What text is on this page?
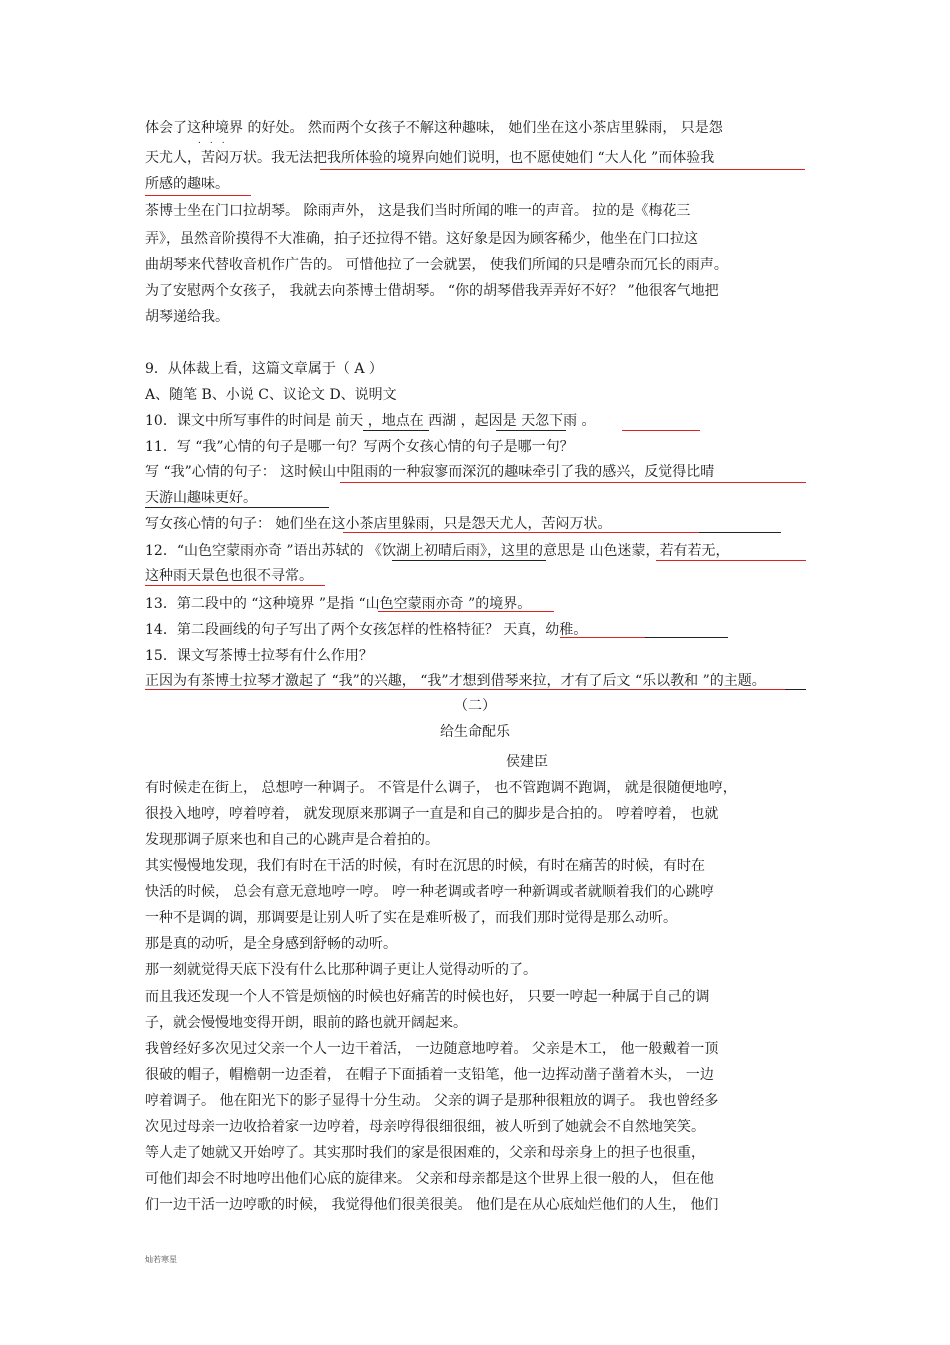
体会了这种境界 的好处。 然而两个女孩子不解这种趣味， 她们坐在这小茶店里躲雨， 只是怨
...
天尤人，苦闷万状。我无法把我所体验的境界向她们说明，也不愿使她们 “大人化 ”而体验我
所感的趣味。
茶博士坐在门口拉胡琴。 除雨声外， 这是我们当时所闻的唯一的声音。 拉的是《梅花三
弄》，虽然音阶摸得不大准确，拍子还拉得不错。这好象是因为顾客稀少，他坐在门口拉这
曲胡琴来代替收音机作广告的。 可惜他拉了一会就罢， 使我们所闻的只是嘈杂而冗长的雨声。
为了安慰两个女孩子， 我就去向茶博士借胡琴。 “你的胡琴借我弄弄好不好？ ”他很客气地把
胡琴递给我。
9．从体裁上看，这篇文章属于（ A ）
A、随笔 B、小说 C、议论文 D、说明文
10．课文中所写事件的时间是 前天 ，地点在 西湖 ，起因是 天忽下雨 。
11．写 “我”心情的句子是哪一句？写两个女孩心情的句子是哪一句？
写 “我”心情的句子： 这时候山中阻雨的一种寂寥而深沉的趣味牵引了我的感兴，反觉得比晴
天游山趣味更好。
写女孩心情的句子： 她们坐在这小茶店里躲雨，只是怨天尤人，苦闷万状。
12．“山色空蒙雨亦奇 ”语出苏轼的 《饮湖上初晴后雨》，这里的意思是 山色迷蒙，若有若无，
这种雨天景色也很不寻常。
13．第二段中的 “这种境界 ”是指 “山色空蒙雨亦奇 ”的境界。
14．第二段画线的句子写出了两个女孩怎样的性格特征？ 天真，幼稚。
15．课文写茶博士拉琴有什么作用？
正因为有茶博士拉琴才激起了 “我”的兴趣， “我”才想到借琴来拉，才有了后文 “乐以教和 ”的主题。
（二）
给生命配乐
侯建臣
有时候走在街上， 总想哼一种调子。 不管是什么调子， 也不管跑调不跑调， 就是很随便地哼，
很投入地哼，哼着哼着， 就发现原来那调子一直是和自己的脚步是合拍的。 哼着哼着， 也就
发现那调子原来也和自己的心跳声是合着拍的。
其实慢慢地发现，我们有时在干活的时候，有时在沉思的时候，有时在痛苦的时候，有时在
快活的时候， 总会有意无意地哼一哼。 哼一种老调或者哼一种新调或者就顺着我们的心跳哼
一种不是调的调，那调要是让别人听了实在是难听极了，而我们那时觉得是那么动听。
那是真的动听，是全身感到舒畅的动听。
那一刻就觉得天底下没有什么比那种调子更让人觉得动听的了。
而且我还发现一个人不管是烦恼的时候也好痛苦的时候也好， 只要一哼起一种属于自己的调
子，就会慢慢地变得开朗，眼前的路也就开阔起来。
我曾经好多次见过父亲一个人一边干着活， 一边随意地哼着。 父亲是木工， 他一般戴着一顶
很破的帽子，帽檐朝一边歪着， 在帽子下面插着一支铅笔，他一边挥动凿子凿着木头， 一边
哼着调子。 他在阳光下的影子显得十分生动。 父亲的调子是那种很粗放的调子。 我也曾经多
次见过母亲一边收拾着家一边哼着，母亲哼得很细很细，被人听到了她就会不自然地笑笑。
等人走了她就又开始哼了。其实那时我们的家是很困难的，父亲和母亲身上的担子也很重，
可他们却会不时地哼出他们心底的旋律来。 父亲和母亲都是这个世界上很一般的人， 但在他
们一边干活一边哼歌的时候， 我觉得他们很美很美。 他们是在从心底灿烂他们的人生， 他们
灿若寒星
